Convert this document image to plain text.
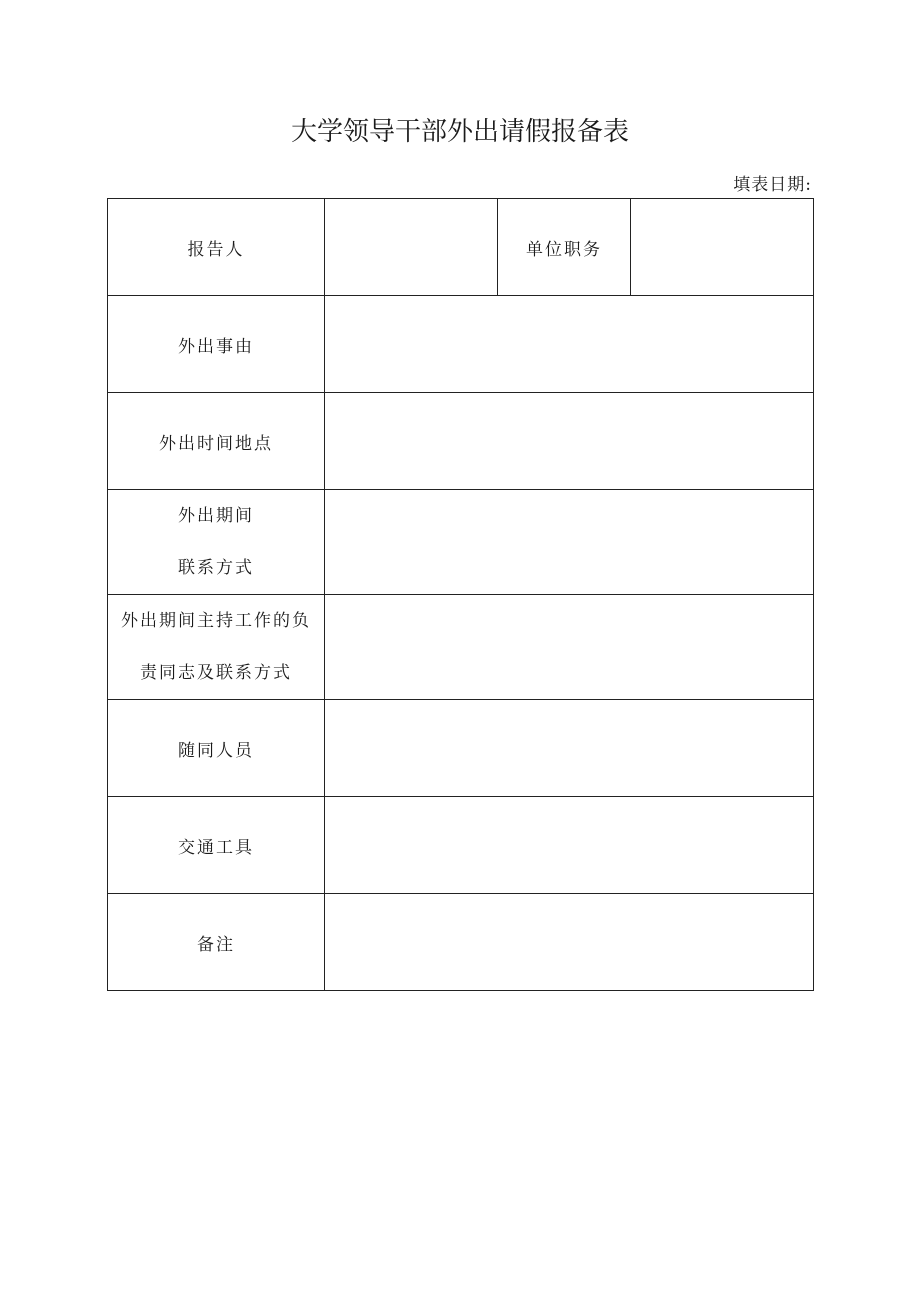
大学领导干部外出请假报备表
填表日期:
报告人		单位职务	
外出事由			
外出时间地点			

外出期间
联系方式			

外出期间主持工作的负
责同志及联系方式			

随同人员			
交通工具			
备注			
